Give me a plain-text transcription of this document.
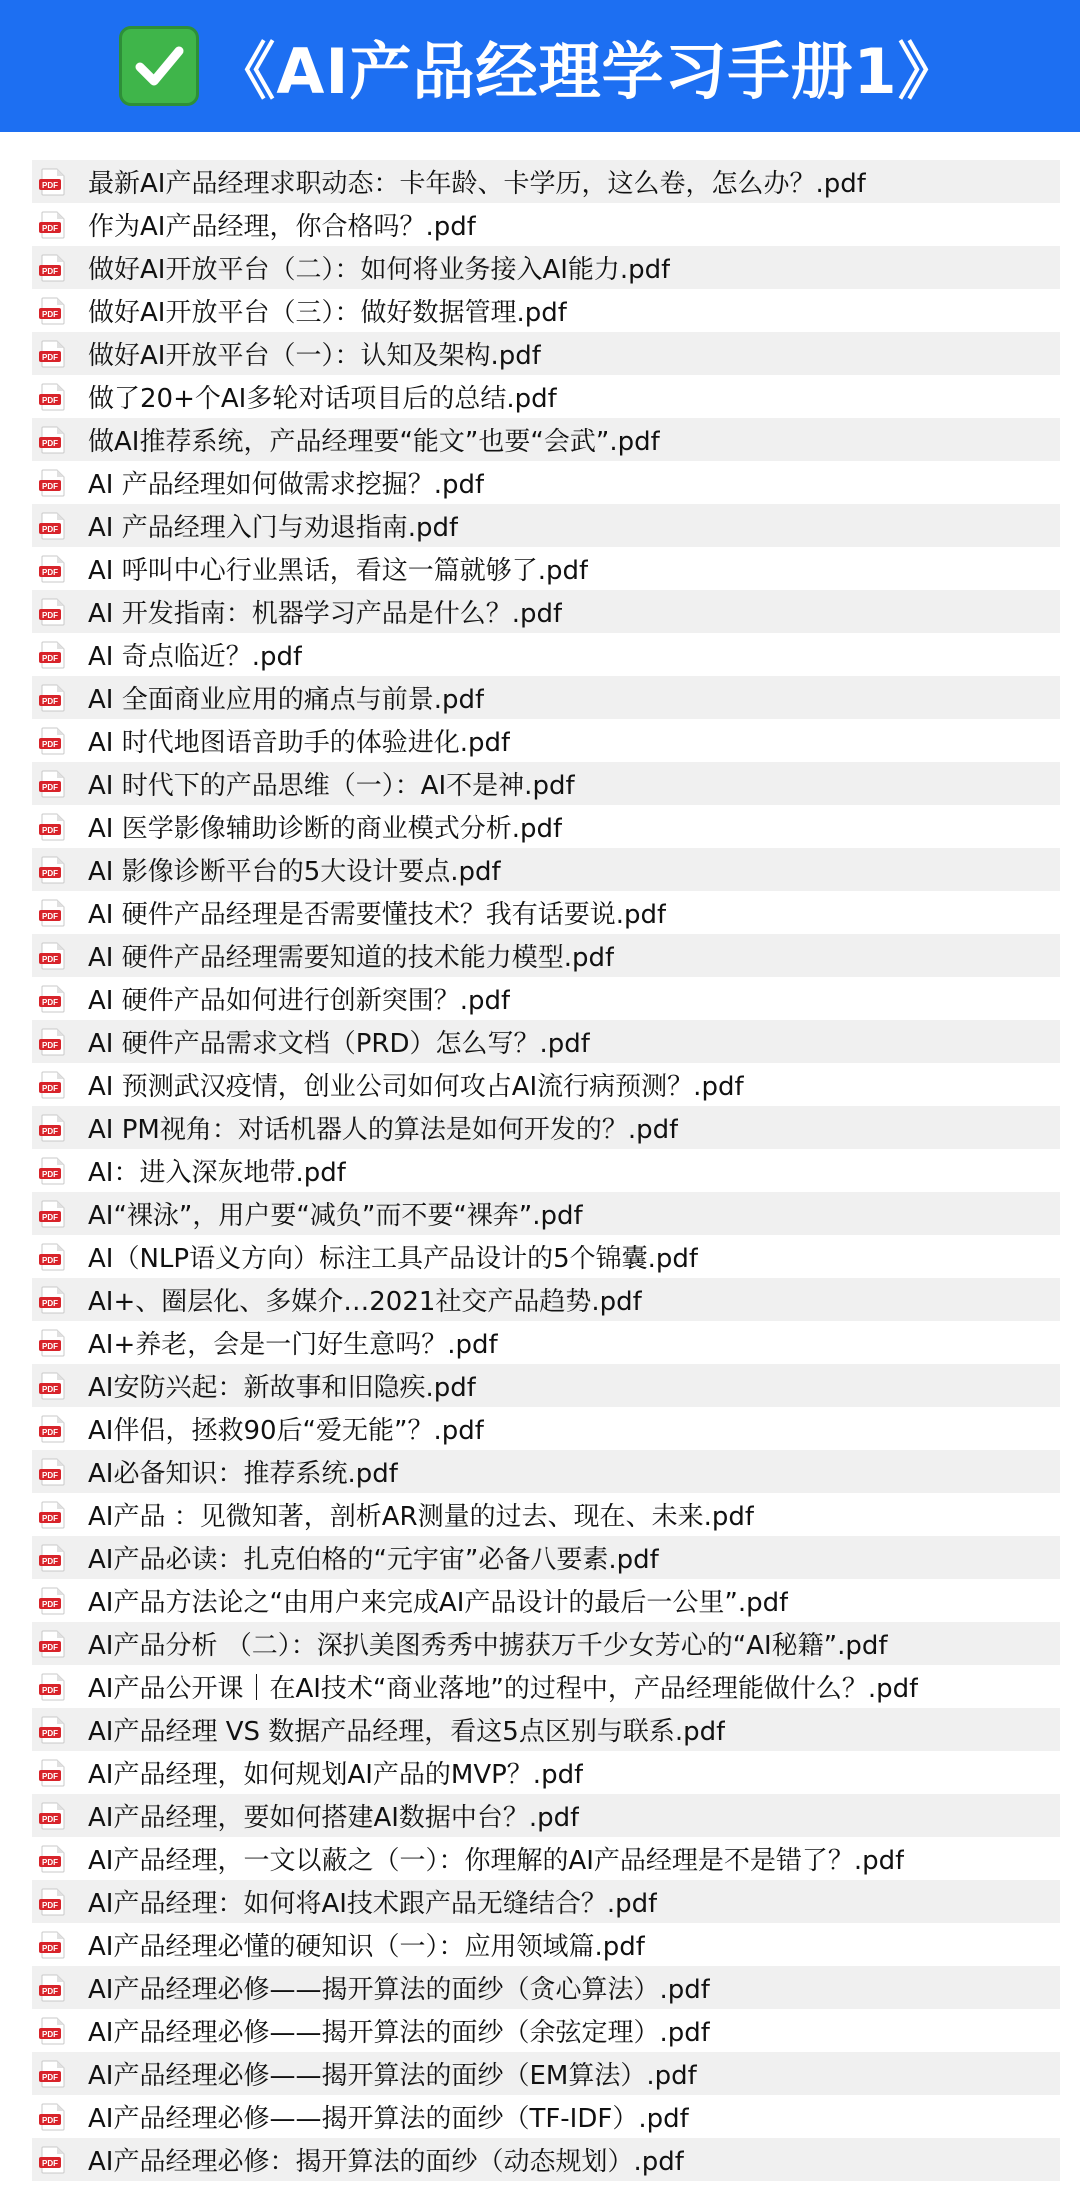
《AI产品经理学习手册1》
PDF 最新AI产品经理求职动态：卡年龄、卡学历，这么卷，怎么办？.pdf
PDF 作为AI产品经理，你合格吗？.pdf
PDF 做好AI开放平台（二）：如何将业务接入AI能力.pdf
PDF 做好AI开放平台（三）：做好数据管理.pdf
PDF 做好AI开放平台（一）：认知及架构.pdf
PDF 做了20+个AI多轮对话项目后的总结.pdf
PDF 做AI推荐系统，产品经理要“能文”也要“会武”.pdf
PDF AI 产品经理如何做需求挖掘？.pdf
PDF AI 产品经理入门与劝退指南.pdf
PDF AI 呼叫中心行业黑话，看这一篇就够了.pdf
PDF AI 开发指南：机器学习产品是什么？.pdf
PDF AI 奇点临近？.pdf
PDF AI 全面商业应用的痛点与前景.pdf
PDF AI 时代地图语音助手的体验进化.pdf
PDF AI 时代下的产品思维（一）：AI不是神.pdf
PDF AI 医学影像辅助诊断的商业模式分析.pdf
PDF AI 影像诊断平台的5大设计要点.pdf
PDF AI 硬件产品经理是否需要懂技术？我有话要说.pdf
PDF AI 硬件产品经理需要知道的技术能力模型.pdf
PDF AI 硬件产品如何进行创新突围？.pdf
PDF AI 硬件产品需求文档（PRD）怎么写？.pdf
PDF AI 预测武汉疫情，创业公司如何攻占AI流行病预测？.pdf
PDF AI PM视角：对话机器人的算法是如何开发的？.pdf
PDF AI：进入深灰地带.pdf
PDF AI“裸泳”，用户要“减负”而不要“裸奔”.pdf
PDF AI（NLP语义方向）标注工具产品设计的5个锦囊.pdf
PDF AI+、圈层化、多媒介…2021社交产品趋势.pdf
PDF AI+养老，会是一门好生意吗？.pdf
PDF AI安防兴起：新故事和旧隐疾.pdf
PDF AI伴侣，拯救90后“爱无能”？.pdf
PDF AI必备知识：推荐系统.pdf
PDF AI产品 ：见微知著，剖析AR测量的过去、现在、未来.pdf
PDF AI产品必读：扎克伯格的“元宇宙”必备八要素.pdf
PDF AI产品方法论之“由用户来完成AI产品设计的最后一公里”.pdf
PDF AI产品分析 （二）：深扒美图秀秀中掳获万千少女芳心的“AI秘籍”.pdf
PDF AI产品公开课｜在AI技术“商业落地”的过程中，产品经理能做什么？.pdf
PDF AI产品经理 VS 数据产品经理，看这5点区别与联系.pdf
PDF AI产品经理，如何规划AI产品的MVP？.pdf
PDF AI产品经理，要如何搭建AI数据中台？.pdf
PDF AI产品经理，一文以蔽之（一）：你理解的AI产品经理是不是错了？.pdf
PDF AI产品经理：如何将AI技术跟产品无缝结合？.pdf
PDF AI产品经理必懂的硬知识（一）：应用领域篇.pdf
PDF AI产品经理必修——揭开算法的面纱（贪心算法）.pdf
PDF AI产品经理必修——揭开算法的面纱（余弦定理）.pdf
PDF AI产品经理必修——揭开算法的面纱（EM算法）.pdf
PDF AI产品经理必修——揭开算法的面纱（TF-IDF）.pdf
PDF AI产品经理必修：揭开算法的面纱（动态规划）.pdf
